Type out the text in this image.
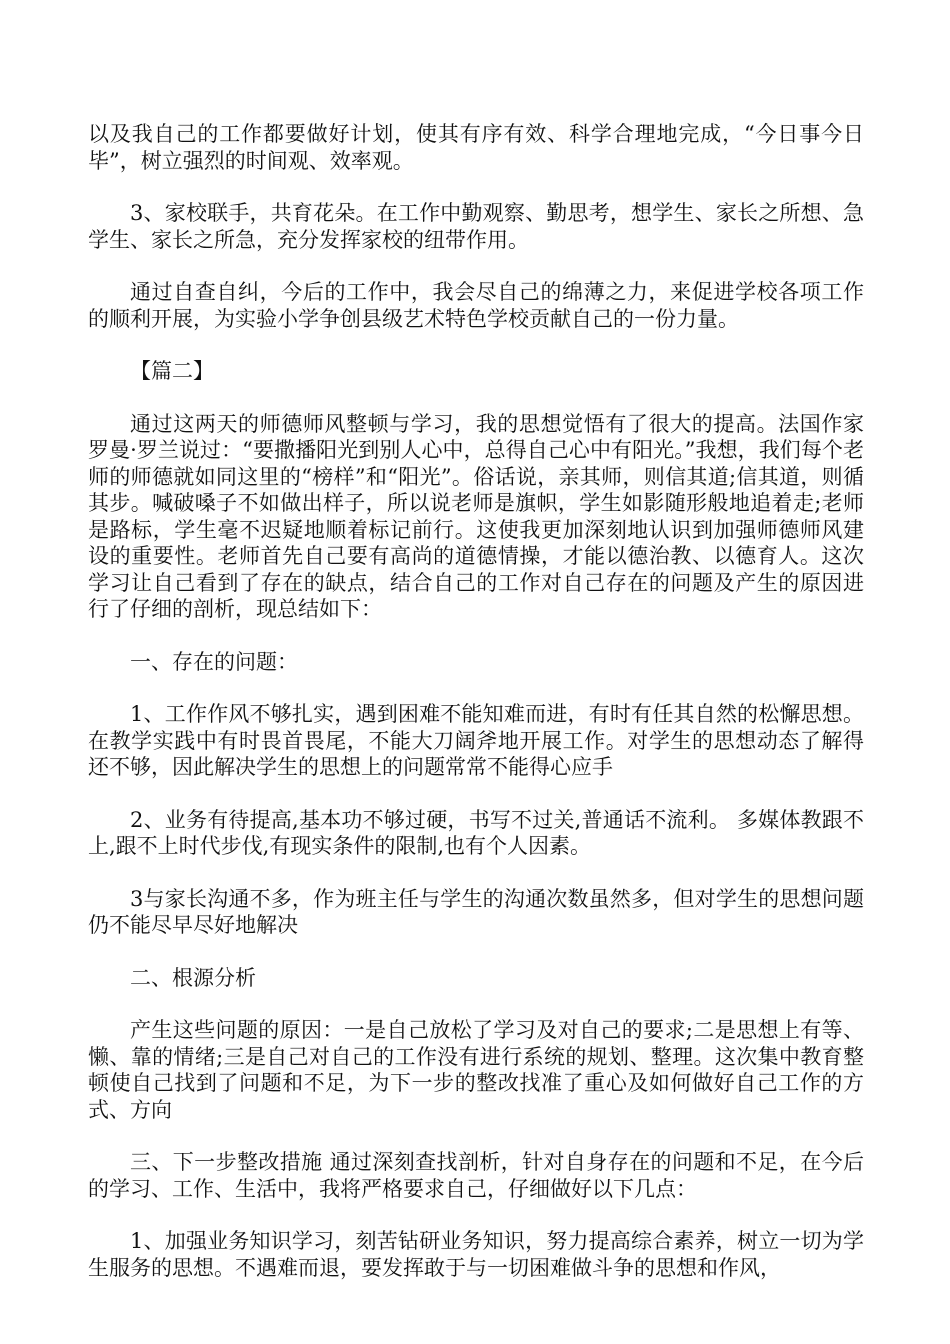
以及我自己的工作都要做好计划，使其有序有效、科学合理地完成，“今日事今日毕”，树立强烈的时间观、效率观。

3、家校联手，共育花朵。在工作中勤观察、勤思考，想学生、家长之所想、急学生、家长之所急，充分发挥家校的纽带作用。

通过自查自纠，今后的工作中，我会尽自己的绵薄之力，来促进学校各项工作的顺利开展，为实验小学争创县级艺术特色学校贡献自己的一份力量。

【篇二】

通过这两天的师德师风整顿与学习，我的思想觉悟有了很大的提高。法国作家罗曼·罗兰说过：“要撒播阳光到别人心中，总得自己心中有阳光。”我想，我们每个老师的师德就如同这里的“榜样”和“阳光”。俗话说，亲其师，则信其道;信其道，则循其步。喊破嗓子不如做出样子，所以说老师是旗帜，学生如影随形般地追着走;老师是路标，学生毫不迟疑地顺着标记前行。这使我更加深刻地认识到加强师德师风建设的重要性。老师首先自己要有高尚的道德情操，才能以德治教、以德育人。这次学习让自己看到了存在的缺点，结合自己的工作对自己存在的问题及产生的原因进行了仔细的剖析，现总结如下：

一、存在的问题：

1、工作作风不够扎实，遇到困难不能知难而进，有时有任其自然的松懈思想。在教学实践中有时畏首畏尾，不能大刀阔斧地开展工作。对学生的思想动态了解得还不够，因此解决学生的思想上的问题常常不能得心应手

2、业务有待提高,基本功不够过硬，书写不过关,普通话不流利。 多媒体教跟不上,跟不上时代步伐,有现实条件的限制,也有个人因素。

3与家长沟通不多，作为班主任与学生的沟通次数虽然多，但对学生的思想问题仍不能尽早尽好地解决

二、根源分析

产生这些问题的原因：一是自己放松了学习及对自己的要求;二是思想上有等、懒、靠的情绪;三是自己对自己的工作没有进行系统的规划、整理。这次集中教育整顿使自己找到了问题和不足，为下一步的整改找准了重心及如何做好自己工作的方式、方向

三、下一步整改措施 通过深刻查找剖析，针对自身存在的问题和不足，在今后的学习、工作、生活中，我将严格要求自己，仔细做好以下几点：

1、加强业务知识学习，刻苦钻研业务知识，努力提高综合素养，树立一切为学生服务的思想。不遇难而退，要发挥敢于与一切困难做斗争的思想和作风，
